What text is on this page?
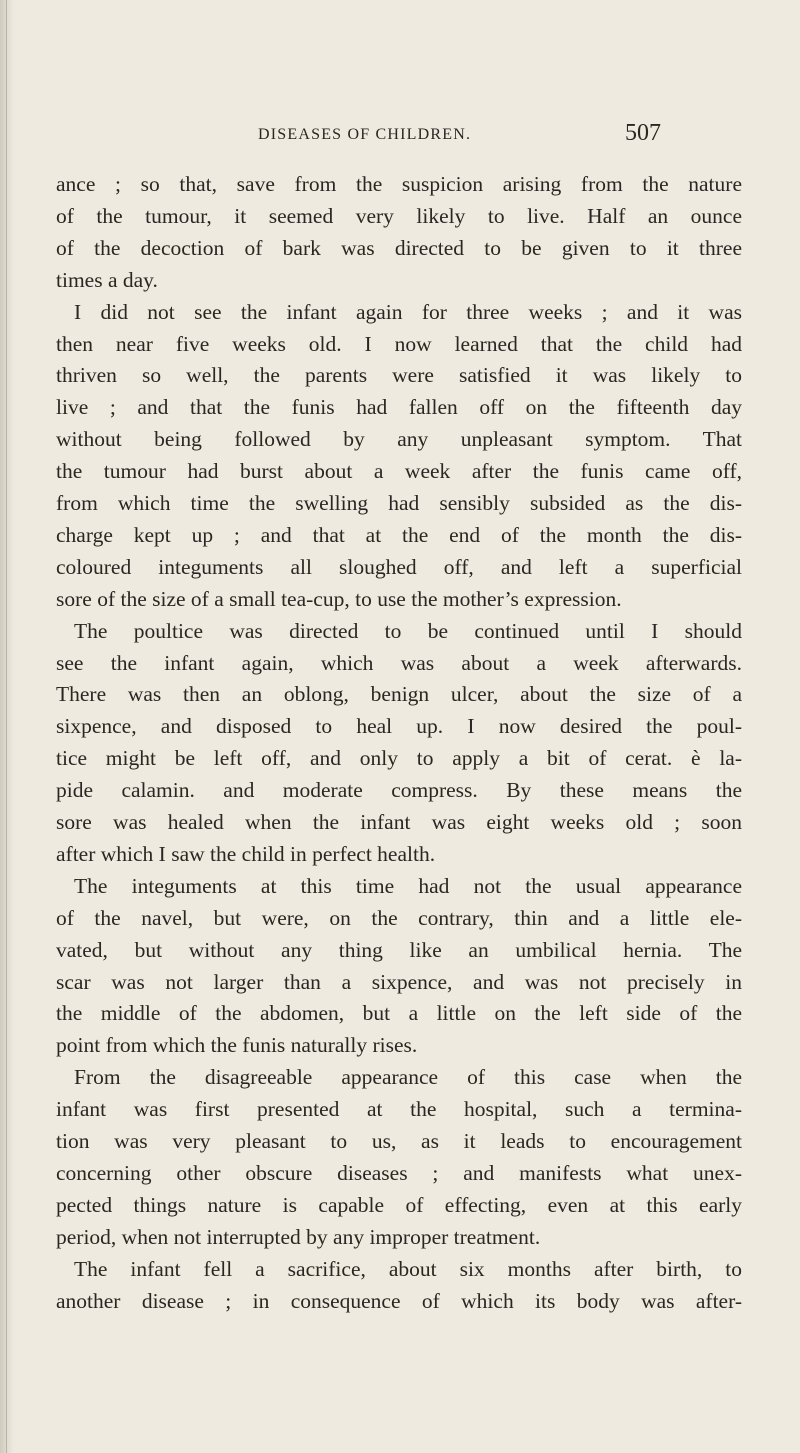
DISEASES OF CHILDREN.	507
ance ; so that, save from the suspicion arising from the nature
of the tumour, it seemed very likely to live. Half an ounce
of the decoction of bark was directed to be given to it three
times a day.
I did not see the infant again for three weeks ; and it was
then near five weeks old. I now learned that the child had
thriven so well, the parents were satisfied it was likely to
live ; and that the funis had fallen off on the fifteenth day
without being followed by any unpleasant symptom. That
the tumour had burst about a week after the funis came off,
from which time the swelling had sensibly subsided as the dis-
charge kept up ; and that at the end of the month the dis-
coloured integuments all sloughed off, and left a superficial
sore of the size of a small tea-cup, to use the mother’s expression.
The poultice was directed to be continued until I should
see the infant again, which was about a week afterwards.
There was then an oblong, benign ulcer, about the size of a
sixpence, and disposed to heal up. I now desired the poul-
tice might be left off, and only to apply a bit of cerat. è la-
pide calamin. and moderate compress. By these means the
sore was healed when the infant was eight weeks old ; soon
after which I saw the child in perfect health.
The integuments at this time had not the usual appearance
of the navel, but were, on the contrary, thin and a little ele-
vated, but without any thing like an umbilical hernia. The
scar was not larger than a sixpence, and was not precisely in
the middle of the abdomen, but a little on the left side of the
point from which the funis naturally rises.
From the disagreeable appearance of this case when the
infant was first presented at the hospital, such a termina-
tion was very pleasant to us, as it leads to encouragement
concerning other obscure diseases ; and manifests what unex-
pected things nature is capable of effecting, even at this early
period, when not interrupted by any improper treatment.
The infant fell a sacrifice, about six months after birth, to
another disease ; in consequence of which its body was after-
